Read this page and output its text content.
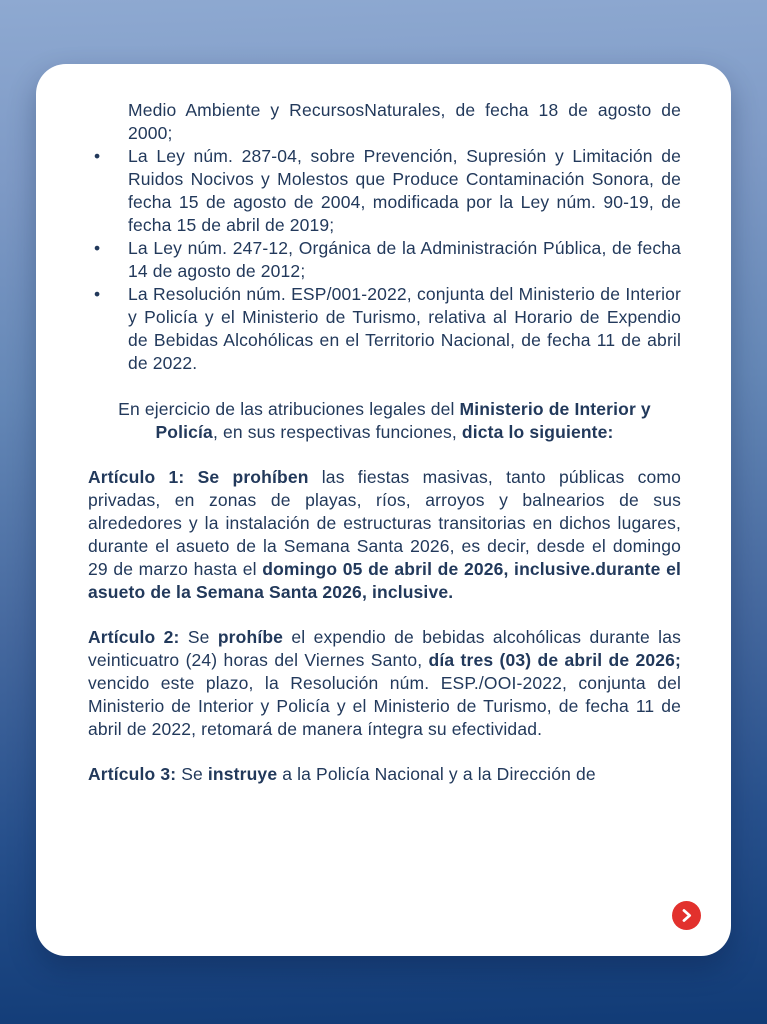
Medio Ambiente y RecursosNaturales, de fecha 18 de agosto de 2000;
• La Ley núm. 287-04, sobre Prevención, Supresión y Limitación de Ruidos Nocivos y Molestos que Produce Contaminación Sonora, de fecha 15 de agosto de 2004, modificada por la Ley núm. 90-19, de fecha 15 de abril de 2019;
• La Ley núm. 247-12, Orgánica de la Administración Pública, de fecha 14 de agosto de 2012;
• La Resolución núm. ESP/001-2022, conjunta del Ministerio de Interior y Policía y el Ministerio de Turismo, relativa al Horario de Expendio de Bebidas Alcohólicas en el Territorio Nacional, de fecha 11 de abril de 2022.

En ejercicio de las atribuciones legales del Ministerio de Interior y Policía, en sus respectivas funciones, dicta lo siguiente:

Artículo 1: Se prohíben las fiestas masivas, tanto públicas como privadas, en zonas de playas, ríos, arroyos y balnearios de sus alrededores y la instalación de estructuras transitorias en dichos lugares, durante el asueto de la Semana Santa 2026, es decir, desde el domingo 29 de marzo hasta el domingo 05 de abril de 2026, inclusive.durante el asueto de la Semana Santa 2026, inclusive.

Artículo 2: Se prohíbe el expendio de bebidas alcohólicas durante las veinticuatro (24) horas del Viernes Santo, día tres (03) de abril de 2026; vencido este plazo, la Resolución núm. ESP./OOI-2022, conjunta del Ministerio de Interior y Policía y el Ministerio de Turismo, de fecha 11 de abril de 2022, retomará de manera íntegra su efectividad.

Artículo 3: Se instruye a la Policía Nacional y a la Dirección de
